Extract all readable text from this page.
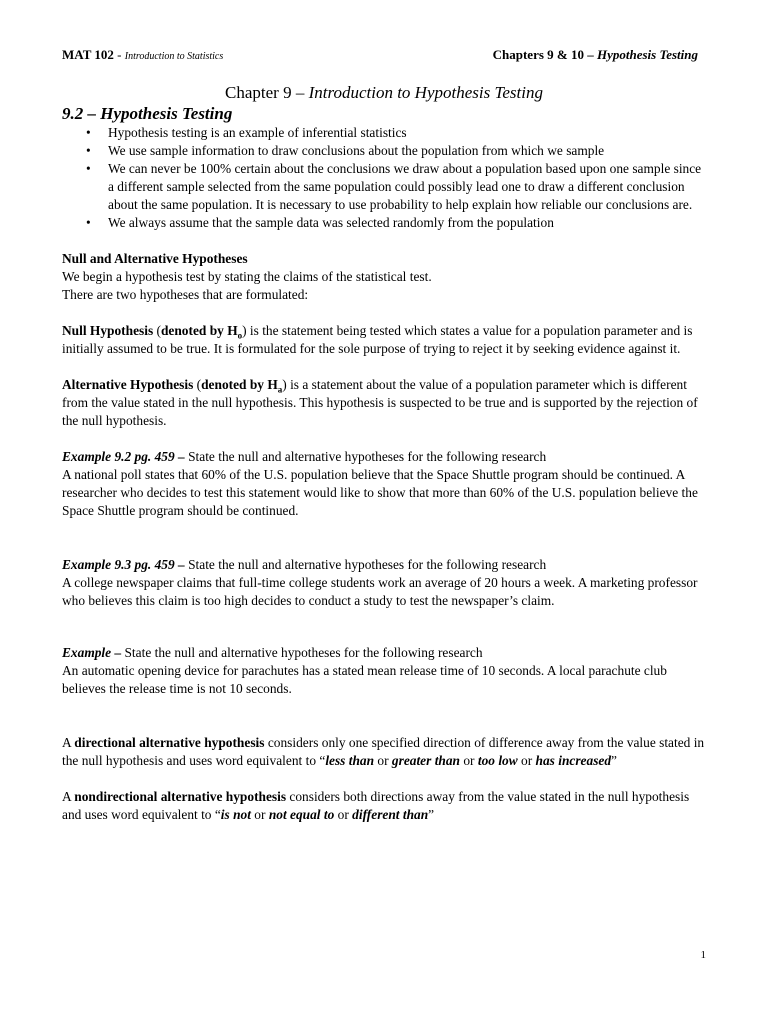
MAT 102 - Introduction to Statistics	Chapters 9 & 10 – Hypothesis Testing
Chapter 9 – Introduction to Hypothesis Testing
9.2 – Hypothesis Testing
• Hypothesis testing is an example of inferential statistics
• We use sample information to draw conclusions about the population from which we sample
• We can never be 100% certain about the conclusions we draw about a population based upon one sample since a different sample selected from the same population could possibly lead one to draw a different conclusion about the same population. It is necessary to use probability to help explain how reliable our conclusions are.
• We always assume that the sample data was selected randomly from the population

Null and Alternative Hypotheses

We begin a hypothesis test by stating the claims of the statistical test.

There are two hypotheses that are formulated:

Null Hypothesis (denoted by $H_o$) is the statement being tested which states a value for a population parameter and is initially assumed to be true. It is formulated for the sole purpose of trying to reject it by seeking evidence against it.

Alternative Hypothesis (denoted by $H_a$) is a statement about the value of a population parameter which is different from the value stated in the null hypothesis. This hypothesis is suspected to be true and is supported by the rejection of the null hypothesis.

Example 9.2 pg. 459 – State the null and alternative hypotheses for the following research

A national poll states that 60% of the U.S. population believe that the Space Shuttle program should be continued. A researcher who decides to test this statement would like to show that more than 60% of the U.S. population believe the Space Shuttle program should be continued.

Example 9.3 pg. 459 – State the null and alternative hypotheses for the following research

A college newspaper claims that full-time college students work an average of 20 hours a week. A marketing professor who believes this claim is too high decides to conduct a study to test the newspaper’s claim.

Example – State the null and alternative hypotheses for the following research

An automatic opening device for parachutes has a stated mean release time of 10 seconds. A local parachute club believes the release time is not 10 seconds.

A directional alternative hypothesis considers only one specified direction of difference away from the value stated in the null hypothesis and uses word equivalent to “less than or greater than or too low or has increased”

A nondirectional alternative hypothesis considers both directions away from the value stated in the null hypothesis and uses word equivalent to “is not or not equal to or different than”

1
